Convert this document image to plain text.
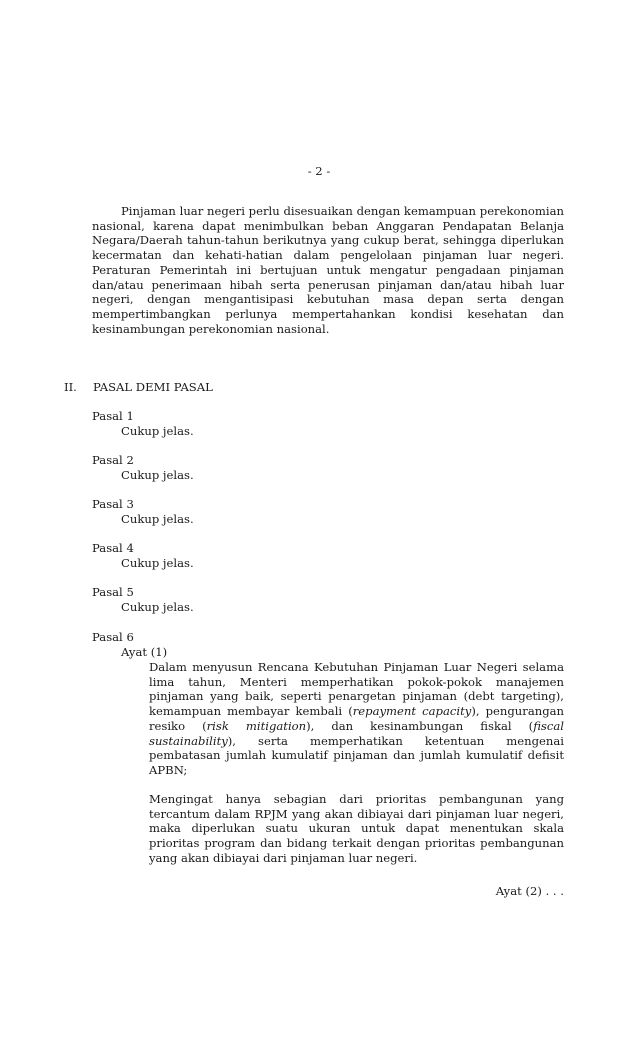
- 2 -

Pinjaman luar negeri perlu disesuaikan dengan kemampuan perekonomian nasional, karena dapat menimbulkan beban Anggaran Pendapatan Belanja Negara/Daerah tahun-tahun berikutnya yang cukup berat, sehingga diperlukan kecermatan dan kehati-hatian dalam pengelolaan pinjaman luar negeri. Peraturan Pemerintah ini bertujuan untuk mengatur pengadaan pinjaman dan/atau penerimaan hibah serta penerusan pinjaman dan/atau hibah luar negeri, dengan mengantisipasi kebutuhan masa depan serta dengan mempertimbangkan perlunya mempertahankan kondisi kesehatan dan kesinambungan perekonomian nasional.

II. PASAL DEMI PASAL
Pasal 1
Cukup jelas.
Pasal 2
Cukup jelas.
Pasal 3
Cukup jelas.
Pasal 4
Cukup jelas.
Pasal 5
Cukup jelas.
Pasal 6
Ayat (1)

Dalam menyusun Rencana Kebutuhan Pinjaman Luar Negeri selama lima tahun, Menteri memperhatikan pokok-pokok manajemen pinjaman yang baik, seperti penargetan pinjaman (debt targeting), kemampuan membayar kembali (repayment capacity), pengurangan resiko (risk mitigation), dan kesinambungan fiskal (fiscal sustainability), serta memperhatikan ketentuan mengenai pembatasan jumlah kumulatif pinjaman dan jumlah kumulatif defisit APBN;

Mengingat hanya sebagian dari prioritas pembangunan yang tercantum dalam RPJM yang akan dibiayai dari pinjaman luar negeri, maka diperlukan suatu ukuran untuk dapat menentukan skala prioritas program dan bidang terkait dengan prioritas pembangunan yang akan dibiayai dari pinjaman luar negeri.

Ayat (2) . . .
